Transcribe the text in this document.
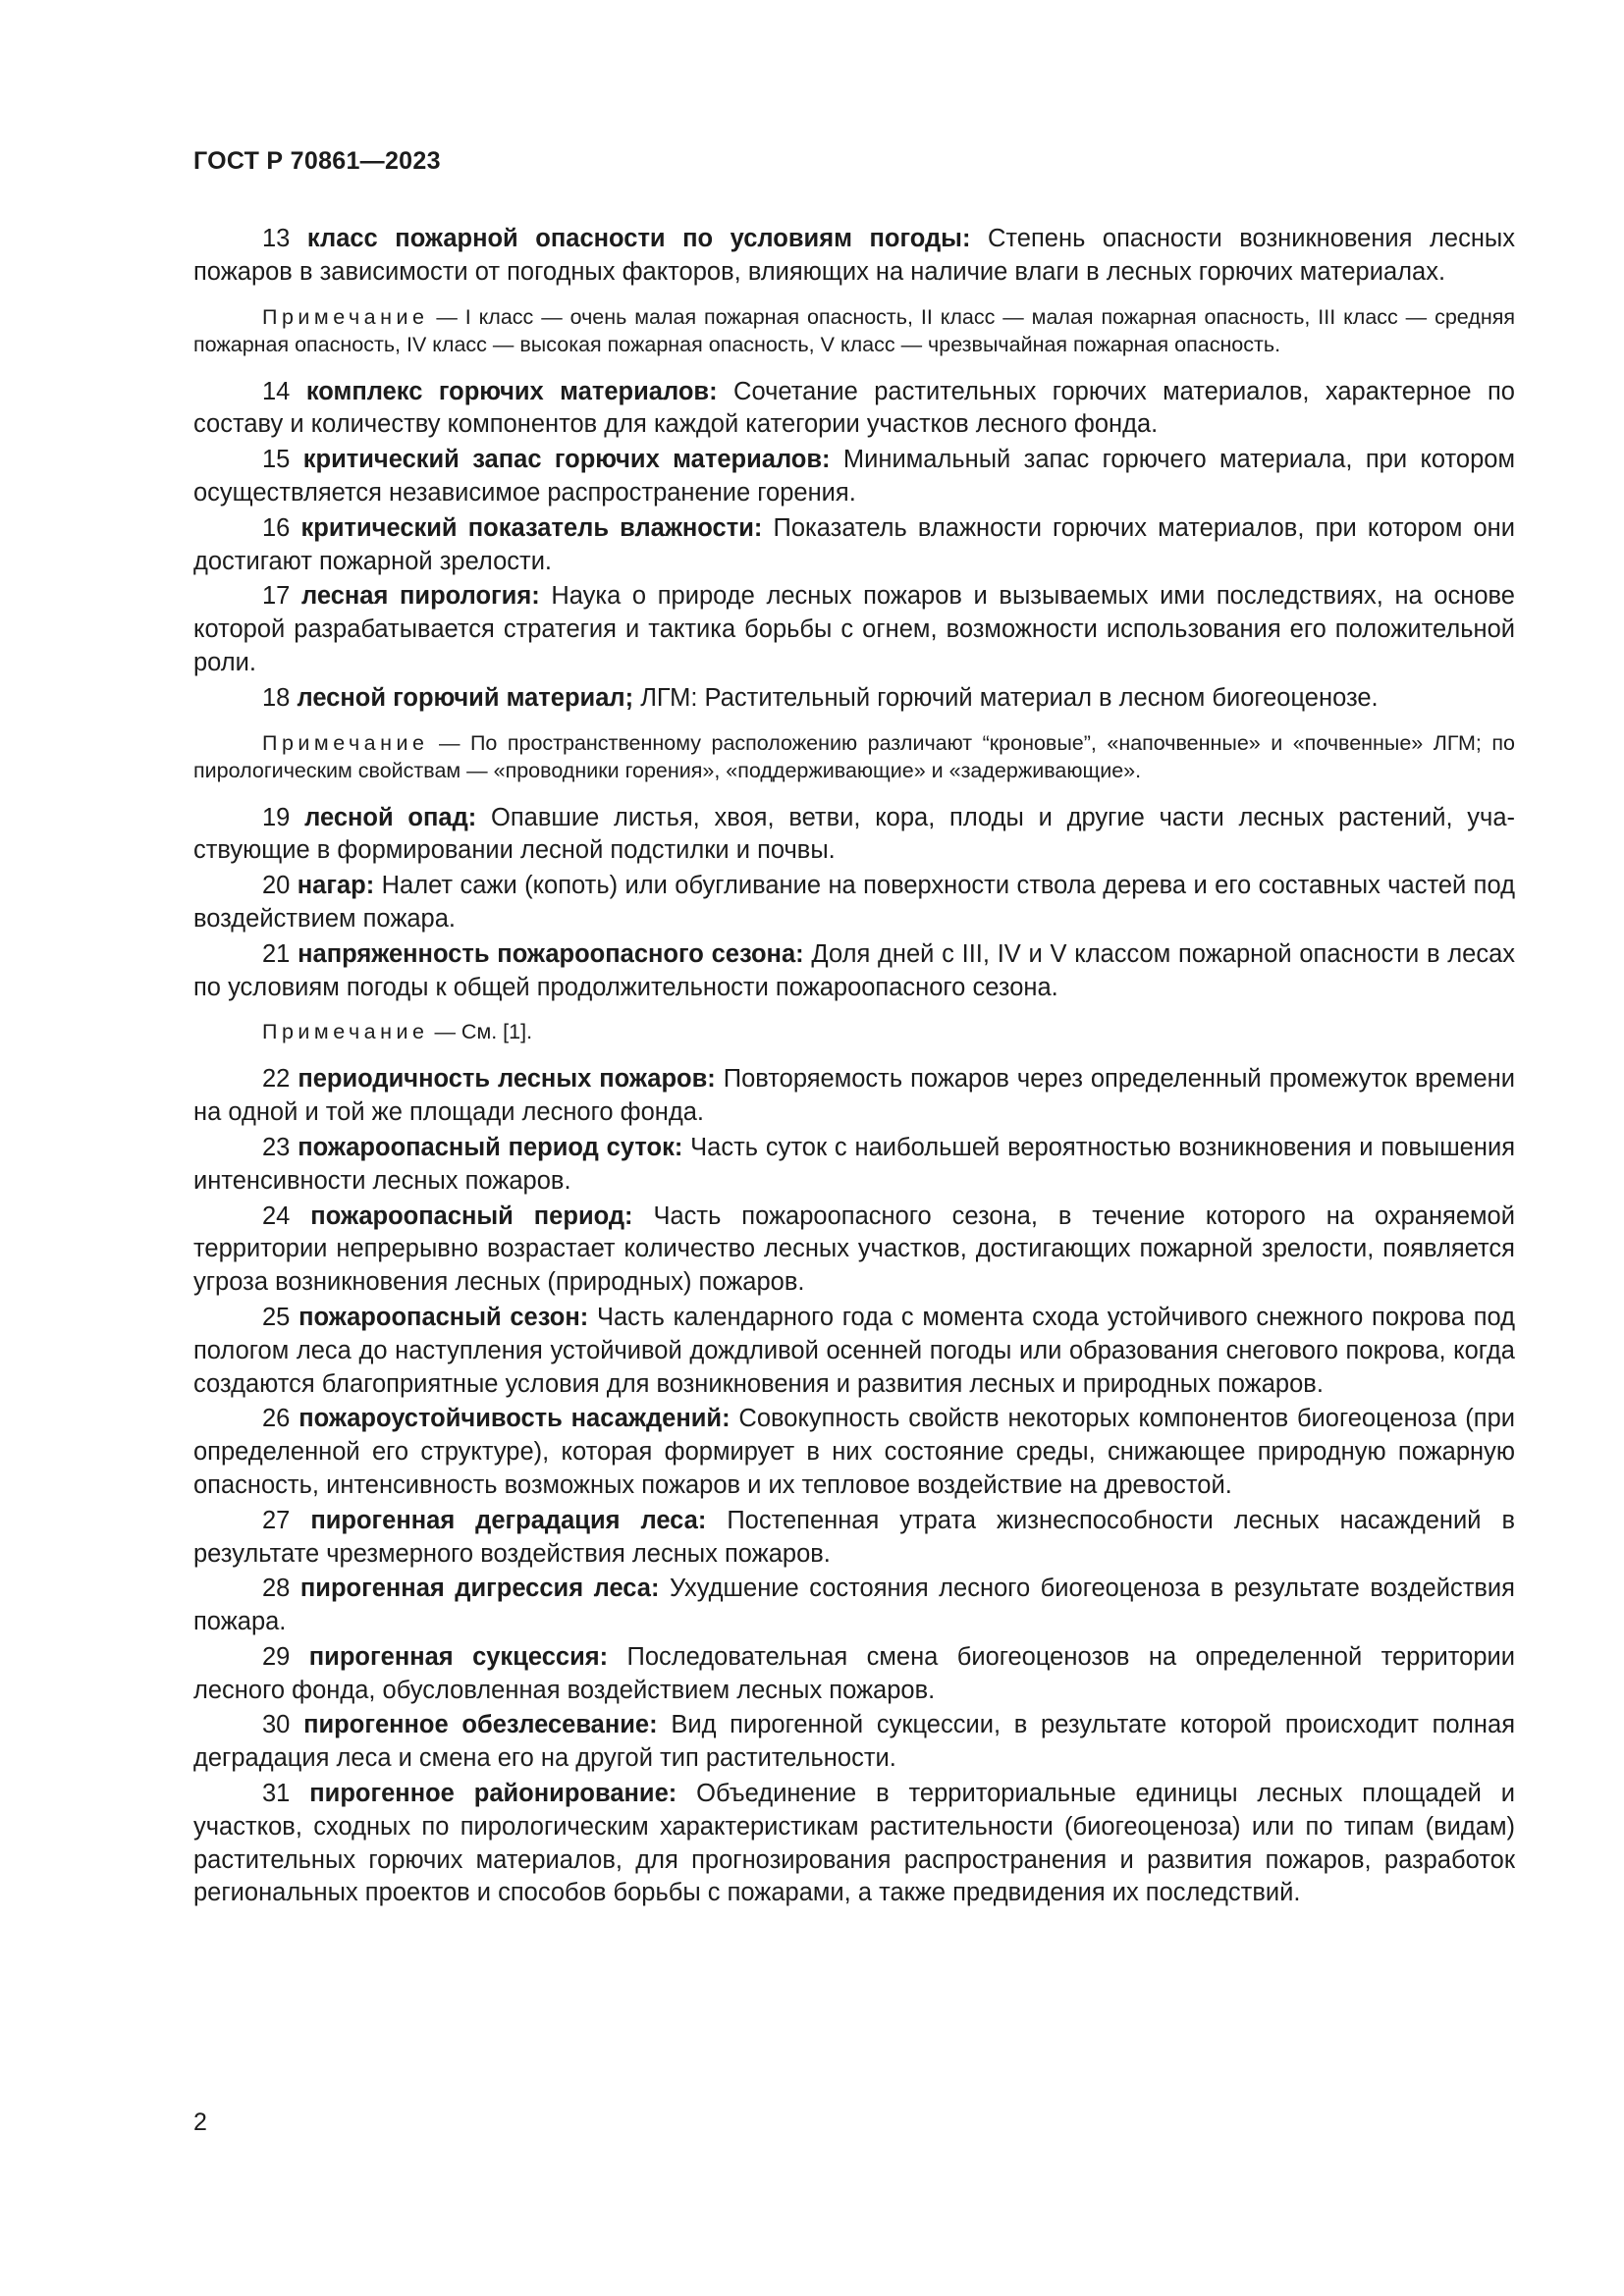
ГОСТ Р 70861—2023

13 класс пожарной опасности по условиям погоды: Степень опасности возникновения лесных пожаров в зависимости от погодных факторов, влияющих на наличие влаги в лесных горючих материалах.

Примечание — I класс — очень малая пожарная опасность, II класс — малая пожарная опасность, III класс — средняя пожарная опасность, IV класс — высокая пожарная опасность, V класс — чрезвычайная пожарная опасность.

14 комплекс горючих материалов: Сочетание растительных горючих материалов, характерное по составу и количеству компонентов для каждой категории участков лесного фонда.

15 критический запас горючих материалов: Минимальный запас горючего материала, при котором осуществляется независимое распространение горения.

16 критический показатель влажности: Показатель влажности горючих материалов, при котором они достигают пожарной зрелости.

17 лесная пирология: Наука о природе лесных пожаров и вызываемых ими последствиях, на основе которой разрабатывается стратегия и тактика борьбы с огнем, возможности использования его положительной роли.

18 лесной горючий материал; ЛГМ: Растительный горючий материал в лесном биогеоценозе.

Примечание — По пространственному расположению различают “кроновые”, «напочвенные» и «почвенные» ЛГМ; по пирологическим свойствам — «проводники горения», «поддерживающие» и «задерживающие».

19 лесной опад: Опавшие листья, хвоя, ветви, кора, плоды и другие части лесных растений, участвующие в формировании лесной подстилки и почвы.

20 нагар: Налет сажи (копоть) или обугливание на поверхности ствола дерева и его составных частей под воздействием пожара.

21 напряженность пожароопасного сезона: Доля дней с III, IV и V классом пожарной опасности в лесах по условиям погоды к общей продолжительности пожароопасного сезона.

Примечание — См. [1].

22 периодичность лесных пожаров: Повторяемость пожаров через определенный промежуток времени на одной и той же площади лесного фонда.

23 пожароопасный период суток: Часть суток с наибольшей вероятностью возникновения и повышения интенсивности лесных пожаров.

24 пожароопасный период: Часть пожароопасного сезона, в течение которого на охраняемой территории непрерывно возрастает количество лесных участков, достигающих пожарной зрелости, появляется угроза возникновения лесных (природных) пожаров.

25 пожароопасный сезон: Часть календарного года с момента схода устойчивого снежного покрова под пологом леса до наступления устойчивой дождливой осенней погоды или образования снегового покрова, когда создаются благоприятные условия для возникновения и развития лесных и природных пожаров.

26 пожароустойчивость насаждений: Совокупность свойств некоторых компонентов биогеоценоза (при определенной его структуре), которая формирует в них состояние среды, снижающее природную пожарную опасность, интенсивность возможных пожаров и их тепловое воздействие на древостой.

27 пирогенная деградация леса: Постепенная утрата жизнеспособности лесных насаждений в результате чрезмерного воздействия лесных пожаров.

28 пирогенная дигрессия леса: Ухудшение состояния лесного биогеоценоза в результате воздействия пожара.

29 пирогенная сукцессия: Последовательная смена биогеоценозов на определенной территории лесного фонда, обусловленная воздействием лесных пожаров.

30 пирогенное обезлесевание: Вид пирогенной сукцессии, в результате которой происходит полная деградация леса и смена его на другой тип растительности.

31 пирогенное районирование: Объединение в территориальные единицы лесных площадей и участков, сходных по пирологическим характеристикам растительности (биогеоценоза) или по типам (видам) растительных горючих материалов, для прогнозирования распространения и развития пожаров, разработок региональных проектов и способов борьбы с пожарами, а также предвидения их последствий.

2
